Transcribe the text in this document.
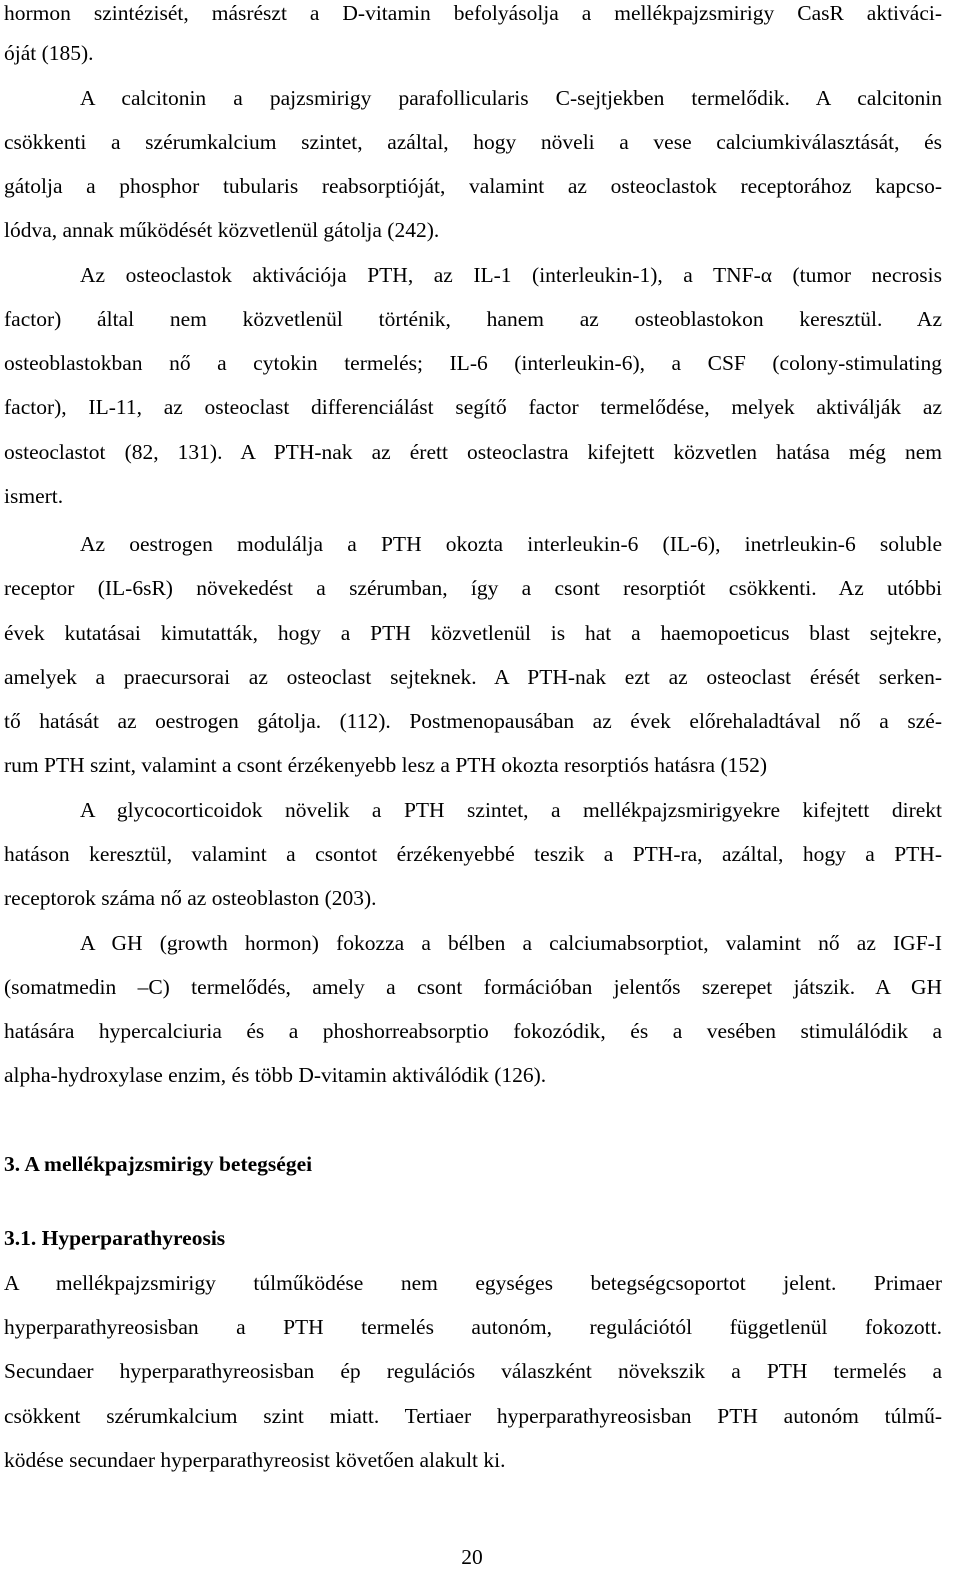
hormon szintézisét, másrészt a D-vitamin befolyásolja a mellékpajzsmirigy CasR aktiváci-
óját (185).
A calcitonin a pajzsmirigy parafollicularis C-sejtjekben termelődik. A calcitonin
csökkenti a szérumkalcium szintet, azáltal, hogy növeli a vese calciumkiválasztását, és
gátolja a phosphor tubularis reabsorptióját, valamint az osteoclastok receptorához kapcso-
lódva, annak működését közvetlenül gátolja (242).
Az osteoclastok aktivációja PTH, az IL-1 (interleukin-1), a TNF-α (tumor necrosis
factor) által nem közvetlenül történik, hanem az osteoblastokon keresztül. Az
osteoblastokban nő a cytokin termelés; IL-6 (interleukin-6), a CSF (colony-stimulating
factor), IL-11, az osteoclast differenciálást segítő factor termelődése, melyek aktiválják az
osteoclastot (82, 131). A PTH-nak az érett osteoclastra kifejtett közvetlen hatása még nem
ismert.
Az oestrogen modulálja a PTH okozta interleukin-6 (IL-6), inetrleukin-6 soluble
receptor (IL-6sR) növekedést a szérumban, így a csont resorptiót csökkenti. Az utóbbi
évek kutatásai kimutatták, hogy a PTH közvetlenül is hat a haemopoeticus blast sejtekre,
amelyek a praecursorai az osteoclast sejteknek. A PTH-nak ezt az osteoclast érését serken-
tő hatását az oestrogen gátolja. (112). Postmenopausában az évek előrehaladtával nő a szé-
rum PTH szint, valamint a csont érzékenyebb lesz a PTH okozta resorptiós hatásra (152)
A glycocorticoidok növelik a PTH szintet, a mellékpajzsmirigyekre kifejtett direkt
hatáson keresztül, valamint a csontot érzékenyebbé teszik a PTH-ra, azáltal, hogy a PTH-
receptorok száma nő az osteoblaston (203).
A GH (growth hormon) fokozza a bélben a calciumabsorptiot, valamint nő az IGF-I
(somatmedin –C) termelődés, amely a csont formációban jelentős szerepet játszik. A GH
hatására hypercalciuria és a phoshorreabsorptio fokozódik, és a vesében stimulálódik a
alpha-hydroxylase enzim, és több D-vitamin aktiválódik (126).
3. A mellékpajzsmirigy betegségei
3.1. Hyperparathyreosis
A mellékpajzsmirigy túlműködése nem egységes betegségcsoportot jelent. Primaer
hyperparathyreosisban a PTH termelés autonóm, regulációtól függetlenül fokozott.
Secundaer hyperparathyreosisban ép regulációs válaszként növekszik a PTH termelés a
csökkent szérumkalcium szint miatt. Tertiaer hyperparathyreosisban PTH autonóm túlmű-
ködése secundaer hyperparathyreosist követően alakult ki.
20
